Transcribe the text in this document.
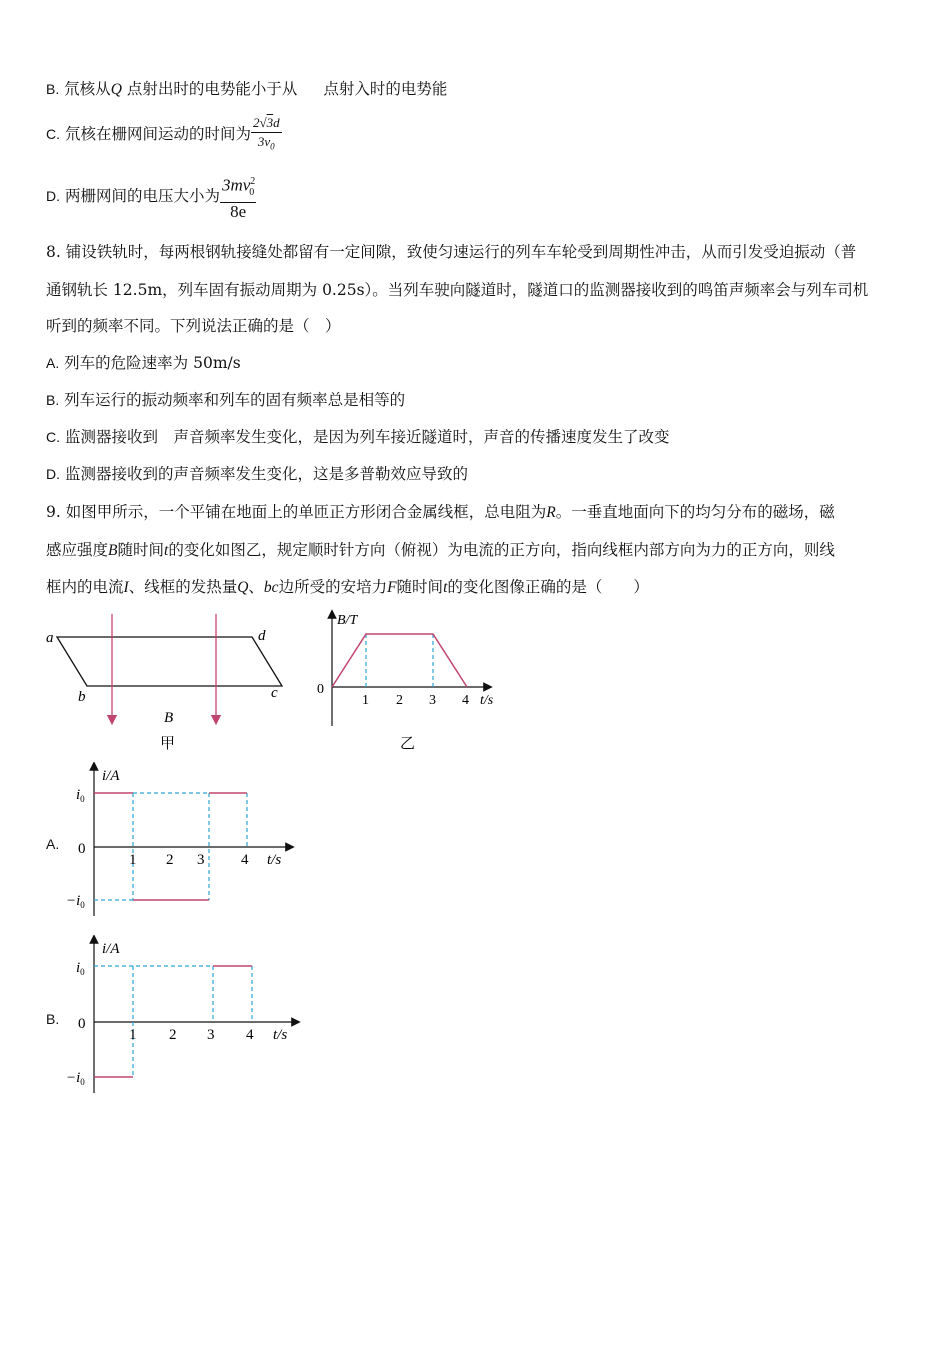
B. 氘核从Q 点射出时的电势能小于从 点射入时的电势能
C. 氘核在栅网间运动的时间为 $\frac{2√3d}{3v_0}$
D. 两栅网间的电压大小为 $\frac{3mv^2_0}{8e}$
8. 铺设铁轨时，每两根钢轨接缝处都留有一定间隙，致使匀速运行的列车车轮受到周期性冲击，从而引发受迫振动（普
通钢轨长 12.5m，列车固有振动周期为 0.25s）。当列车驶向隧道时，隧道口的监测器接收到的鸣笛声频率会与列车司机
听到的频率不同。下列说法正确的是（　）
A. 列车的危险速率为 50m/s
B. 列车运行的振动频率和列车的固有频率总是相等的
C. 监测器接收到　声音频率发生变化，是因为列车接近隧道时，声音的传播速度发生了改变
D. 监测器接收到的声音频率发生变化，这是多普勒效应导致的
9. 如图甲所示，一个平铺在地面上的单匝正方形闭合金属线框，总电阻为R。一垂直地面向下的均匀分布的磁场，磁
感应强度B随时间t的变化如图乙，规定顺时针方向（俯视）为电流的正方向，指向线框内部方向为力的正方向，则线
框内的电流I、线框的发热量Q、bc边所受的安培力F随时间t的变化图像正确的是（　　）
a	d
b	c
B
甲
B/T
0
1 2 3 4 t/s
乙
A.
i/A
$i_0$
$-i_0$
0
1 2 3 4 t/s
B.
i/A
$i_0$
$-i_0$
0
1 2 3 4 t/s
